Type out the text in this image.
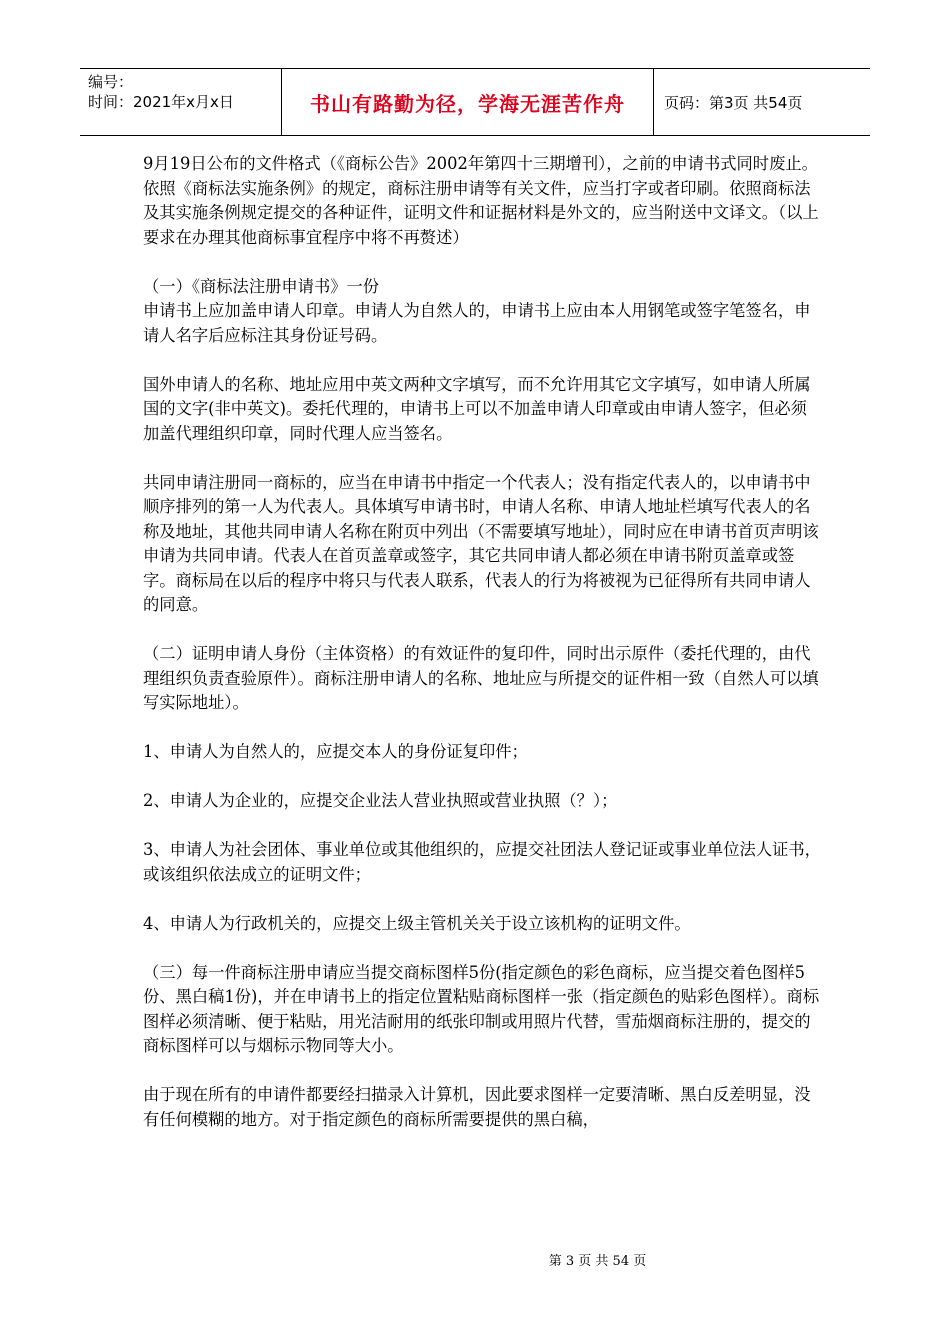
编号：
时间：2021年x月x日	书山有路勤为径，学海无涯苦作舟	页码：第3页 共54页

9月19日公布的文件格式（《商标公告》2002年第四十三期增刊），之前的申请书式同时废止。依照《商标法实施条例》的规定，商标注册申请等有关文件，应当打字或者印刷。依照商标法及其实施条例规定提交的各种证件，证明文件和证据材料是外文的，应当附送中文译文。（以上要求在办理其他商标事宜程序中将不再赘述）

（一）《商标法注册申请书》一份
申请书上应加盖申请人印章。申请人为自然人的，申请书上应由本人用钢笔或签字笔签名，申请人名字后应标注其身份证号码。

国外申请人的名称、地址应用中英文两种文字填写，而不允许用其它文字填写，如申请人所属国的文字(非中英文)。委托代理的，申请书上可以不加盖申请人印章或由申请人签字，但必须加盖代理组织印章，同时代理人应当签名。

共同申请注册同一商标的，应当在申请书中指定一个代表人；没有指定代表人的，以申请书中顺序排列的第一人为代表人。具体填写申请书时，申请人名称、申请人地址栏填写代表人的名称及地址，其他共同申请人名称在附页中列出（不需要填写地址），同时应在申请书首页声明该申请为共同申请。代表人在首页盖章或签字，其它共同申请人都必须在申请书附页盖章或签字。商标局在以后的程序中将只与代表人联系，代表人的行为将被视为已征得所有共同申请人的同意。

（二）证明申请人身份（主体资格）的有效证件的复印件，同时出示原件（委托代理的，由代理组织负责查验原件）。商标注册申请人的名称、地址应与所提交的证件相一致（自然人可以填写实际地址）。

1、申请人为自然人的，应提交本人的身份证复印件；

2、申请人为企业的，应提交企业法人营业执照或营业执照（？）；

3、申请人为社会团体、事业单位或其他组织的，应提交社团法人登记证或事业单位法人证书，或该组织依法成立的证明文件；

4、申请人为行政机关的，应提交上级主管机关关于设立该机构的证明文件。

（三）每一件商标注册申请应当提交商标图样5份(指定颜色的彩色商标，应当提交着色图样5份、黑白稿1份)，并在申请书上的指定位置粘贴商标图样一张（指定颜色的贴彩色图样）。商标图样必须清晰、便于粘贴，用光洁耐用的纸张印制或用照片代替，雪茄烟商标注册的，提交的商标图样可以与烟标示物同等大小。

由于现在所有的申请件都要经扫描录入计算机，因此要求图样一定要清晰、黑白反差明显，没有任何模糊的地方。对于指定颜色的商标所需要提供的黑白稿，

第 3 页 共 54 页
